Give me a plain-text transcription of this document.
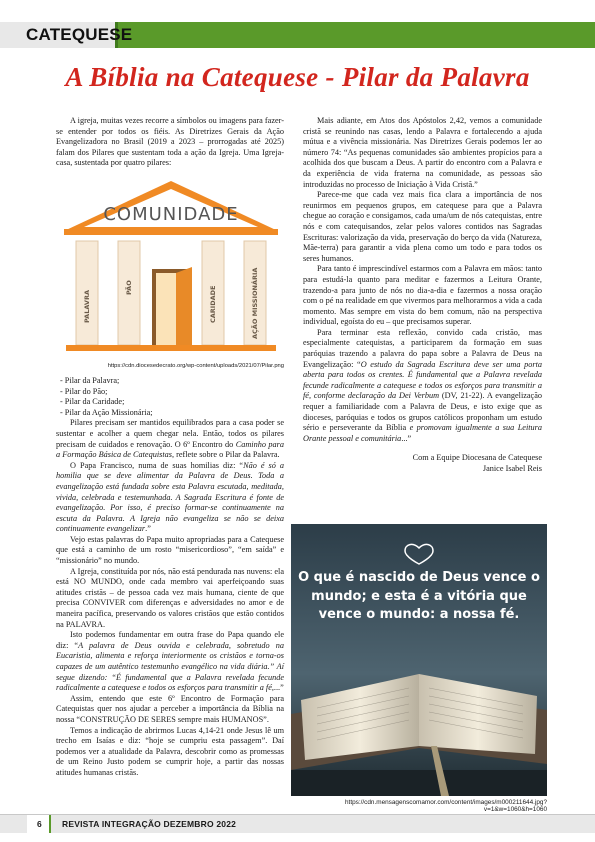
CATEQUESE
A Bíblia na Catequese - Pilar da Palavra

A igreja, muitas vezes recorre a símbolos ou imagens para fazer-se entender por todos os fiéis. As Diretrizes Gerais da Ação Evangelizadora no Brasil (2019 a 2023 – prorrogadas até 2025) falam dos Pilares que sustentam toda a ação da Igreja. Uma Igreja-casa, sustentada por quatro pilares:

COMUNIDADE
PALAVRA
PÃO	CARIDADE	AÇÃO MISSIONÁRIA
https://cdn.diocesedecrato.org/wp-content/uploads/2021/07/Pilar.png
- Pilar da Palavra;
- Pilar do Pão;
- Pilar da Caridade;
- Pilar da Ação Missionária;

Pilares precisam ser mantidos equilibrados para a casa poder se sustentar e acolher a quem chegar nela. Então, todos os pilares precisam de cuidados e renovação. O 6º Encontro do Caminho para a Formação Básica de Catequistas, reflete sobre o Pilar da Palavra.

O Papa Francisco, numa de suas homilias diz: “Não é só a homilia que se deve alimentar da Palavra de Deus. Toda a evangelização está fundada sobre esta Palavra escutada, meditada, vivida, celebrada e testemunhada. A Sagrada Escritura é fonte de evangelização. Por isso, é preciso formar-se continuamente na escuta da Palavra. A Igreja não evangeliza se não se deixa continuamente evangelizar.”

Vejo estas palavras do Papa muito apropriadas para a Catequese que está a caminho de um rosto “misericordioso”, “em saída” e “missionário” no mundo.

A Igreja, constituída por nós, não está pendurada nas nuvens: ela está NO MUNDO, onde cada membro vai aperfeiçoando suas atitudes cristãs – de pessoa cada vez mais humana, ciente de que precisa CONVIVER com diferenças e adversidades no amor e de maneira pacífica, preservando os valores cristãos que estão contidos na PALAVRA.

Isto podemos fundamentar em outra frase do Papa quando ele diz: “A palavra de Deus ouvida e celebrada, sobretudo na Eucaristia, alimenta e reforça interiormente os cristãos e torna-os capazes de um autêntico testemunho evangélico na vida diária.” Aí segue dizendo: “É fundamental que a Palavra revelada fecunde radicalmente a catequese e todos os esforços para transmitir a fé,...”

Assim, entendo que este 6º Encontro de Formação para Catequistas quer nos ajudar a perceber a importância da Bíblia na nossa “CONSTRUÇÃO DE SERES sempre mais HUMANOS”.

Temos a indicação de abrirmos Lucas 4,14-21 onde Jesus lê um trecho em Isaías e diz: “hoje se cumpriu esta passagem”. Daí podemos ver a atualidade da Palavra, descobrir como as promessas de um Reino Justo podem se cumprir hoje, a partir das nossas atitudes humanas cristãs.

Mais adiante, em Atos dos Apóstolos 2,42, vemos a comunidade cristã se reunindo nas casas, lendo a Palavra e fortalecendo a ajuda mútua e a vivência missionária. Nas Diretrizes Gerais podemos ler ao número 74: “As pequenas comunidades são ambientes propícios para a acolhida dos que buscam a Deus. A partir do encontro com a Palavra e da experiência de vida fraterna na comunidade, as pessoas são introduzidas no processo de Iniciação à Vida Cristã.”

Parece-me que cada vez mais fica clara a importância de nos reunirmos em pequenos grupos, em catequese para que a Palavra chegue ao coração e consigamos, cada uma/um de nós catequistas, entre nós e com catequisandos, zelar pelos valores contidos nas Sagradas Escrituras: valorização da vida, preservação do berço da vida (Natureza, Mãe-terra) para garantir a vida plena como um todo e para todos os seres humanos.

Para tanto é imprescindível estarmos com a Palavra em mãos: tanto para estudá-la quanto para meditar e fazermos a Leitura Orante, trazendo-a para junto de nós no dia-a-dia e fazermos a nossa oração com o pé na realidade em que vivermos para melhorarmos a vida a cada momento. Mas sempre em vista do bem comum, não na perspectiva individual, egoísta do eu – que precisamos superar.

Para terminar esta reflexão, convido cada cristão, mas especialmente catequistas, a participarem da formação em suas paróquias trazendo a palavra do papa sobre a Palavra de Deus na Evangelização: “O estudo da Sagrada Escritura deve ser uma porta aberta para todos os crentes. É fundamental que a Palavra revelada fecunde radicalmente a catequese e todos os esforços para transmitir a fé, conforme declaração da Dei Verbum (DV, 21-22). A evangelização requer a familiaridade com a Palavra de Deus, e isto exige que as dioceses, paróquias e todos os grupos católicos proponham um estudo sério e perseverante da Bíblia e promovam igualmente a sua Leitura Orante pessoal e comunitária...”

Com a Equipe Diocesana de Catequese
Janice Isabel Reis
O que é nascido de Deus vence o mundo; e esta é a vitória que vence o mundo: a nossa fé.
https://cdn.mensagenscomamor.com/content/images/m000211644.jpg?v=1&w=1060&h=1060
6 REVISTA INTEGRAÇÃO DEZEMBRO 2022
